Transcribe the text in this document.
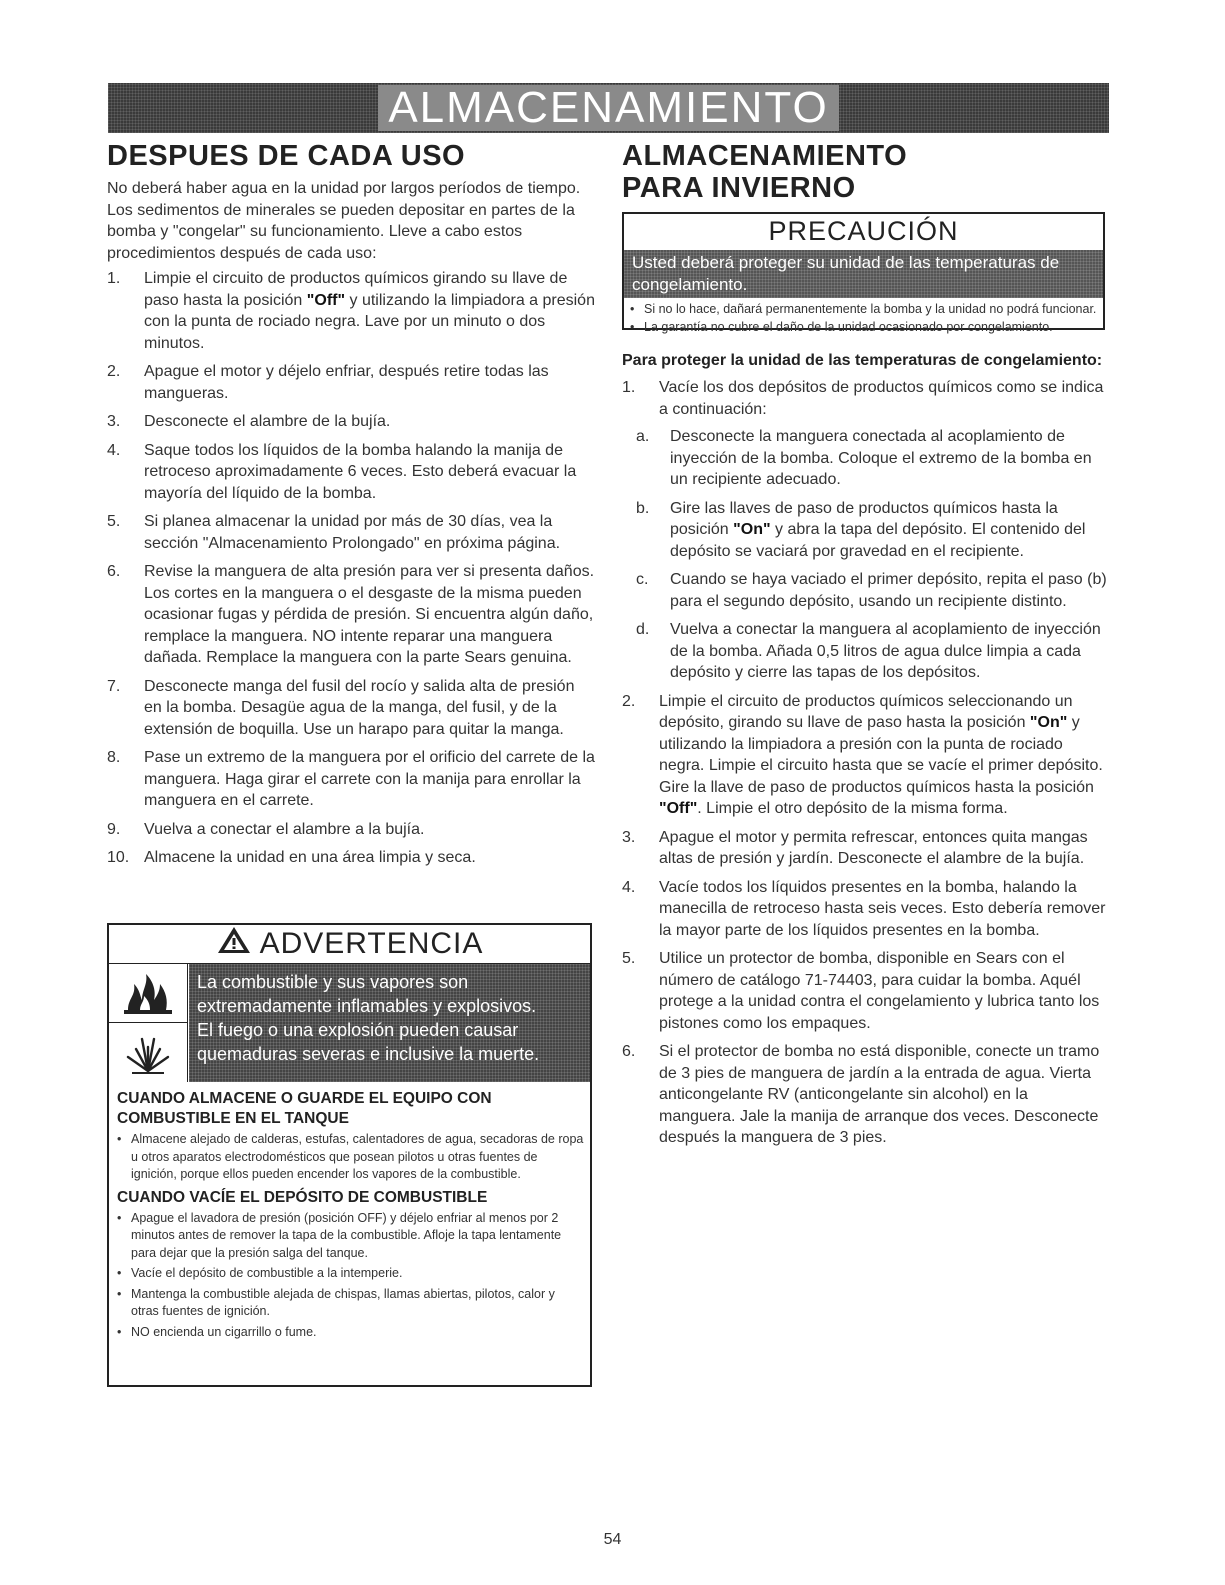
ALMACENAMIENTO
DESPUES DE CADA USO

No deberá haber agua en la unidad por largos períodos de tiempo. Los sedimentos de minerales se pueden depositar en partes de la bomba y "congelar" su funcionamiento. Lleve a cabo estos procedimientos después de cada uso:

1.	Limpie el circuito de productos químicos girando su llave de paso hasta la posición "Off" y utilizando la limpiadora a presión con la punta de rociado negra. Lave por un minuto o dos minutos.
2.	Apague el motor y déjelo enfriar, después retire todas las mangueras.
3.	Desconecte el alambre de la bujía.
4.	Saque todos los líquidos de la bomba halando la manija de retroceso aproximadamente 6 veces. Esto deberá evacuar la mayoría del líquido de la bomba.
5.	Si planea almacenar la unidad por más de 30 días, vea la sección "Almacenamiento Prolongado" en próxima página.
6.	Revise la manguera de alta presión para ver si presenta daños. Los cortes en la manguera o el desgaste de la misma pueden ocasionar fugas y pérdida de presión. Si encuentra algún daño, remplace la manguera. NO intente reparar una manguera dañada. Remplace la manguera con la parte Sears genuina.
7.	Desconecte manga del fusil del rocío y salida alta de presión en la bomba. Desagüe agua de la manga, del fusil, y de la extensión de boquilla. Use un harapo para quitar la manga.
8.	Pase un extremo de la manguera por el orificio del carrete de la manguera. Haga girar el carrete con la manija para enrollar la manguera en el carrete.
9.	Vuelva a conectar el alambre a la bujía.
10. Almacene la unidad en una área limpia y seca.
ADVERTENCIA
La combustible y sus vapores son
extremadamente inflamables y explosivos.
El fuego o una explosión pueden causar
quemaduras severas e inclusive la muerte.
CUANDO ALMACENE O GUARDE EL EQUIPO CON COMBUSTIBLE EN EL TANQUE
• Almacene alejado de calderas, estufas, calentadores de agua, secadoras de ropa u otros aparatos electrodomésticos que posean pilotos u otras fuentes de ignición, porque ellos pueden encender los vapores de la combustible.
CUANDO VACÍE EL DEPÓSITO DE COMBUSTIBLE
• Apague el lavadora de presión (posición OFF) y déjelo enfriar al menos por 2 minutos antes de remover la tapa de la combustible. Afloje la tapa lentamente para dejar que la presión salga del tanque.
• Vacíe el depósito de combustible a la intemperie.
• Mantenga la combustible alejada de chispas, llamas abiertas, pilotos, calor y otras fuentes de ignición.
• NO encienda un cigarrillo o fume.
ALMACENAMIENTO PARA INVIERNO
PRECAUCIÓN
Usted deberá proteger su unidad de las temperaturas de
congelamiento.
• Si no lo hace, dañará permanentemente la bomba y la unidad no podrá funcionar.
• La garantía no cubre el daño de la unidad ocasionado por congelamiento.
Para proteger la unidad de las temperaturas de congelamiento:
1.	Vacíe los dos depósitos de productos químicos como se indica a continuación:
a. Desconecte la manguera conectada al acoplamiento de inyección de la bomba. Coloque el extremo de la bomba en un recipiente adecuado.
b. Gire las llaves de paso de productos químicos hasta la posición "On" y abra la tapa del depósito. El contenido del depósito se vaciará por gravedad en el recipiente.
c. Cuando se haya vaciado el primer depósito, repita el paso (b) para el segundo depósito, usando un recipiente distinto.
d. Vuelva a conectar la manguera al acoplamiento de inyección de la bomba. Añada 0,5 litros de agua dulce limpia a cada depósito y cierre las tapas de los depósitos.
2.	Limpie el circuito de productos químicos seleccionando un depósito, girando su llave de paso hasta la posición "On" y utilizando la limpiadora a presión con la punta de rociado negra. Limpie el circuito hasta que se vacíe el primer depósito. Gire la llave de paso de productos químicos hasta la posición "Off". Limpie el otro depósito de la misma forma.
3.	Apague el motor y permita refrescar, entonces quita mangas altas de presión y jardín. Desconecte el alambre de la bujía.
4.	Vacíe todos los líquidos presentes en la bomba, halando la manecilla de retroceso hasta seis veces. Esto debería remover la mayor parte de los líquidos presentes en la bomba.
5.	Utilice un protector de bomba, disponible en Sears con el número de catálogo 71-74403, para cuidar la bomba. Aquél protege a la unidad contra el congelamiento y lubrica tanto los pistones como los empaques.
6.	Si el protector de bomba no está disponible, conecte un tramo de 3 pies de manguera de jardín a la entrada de agua. Vierta anticongelante RV (anticongelante sin alcohol) en la manguera. Jale la manija de arranque dos veces. Desconecte después la manguera de 3 pies.
54
